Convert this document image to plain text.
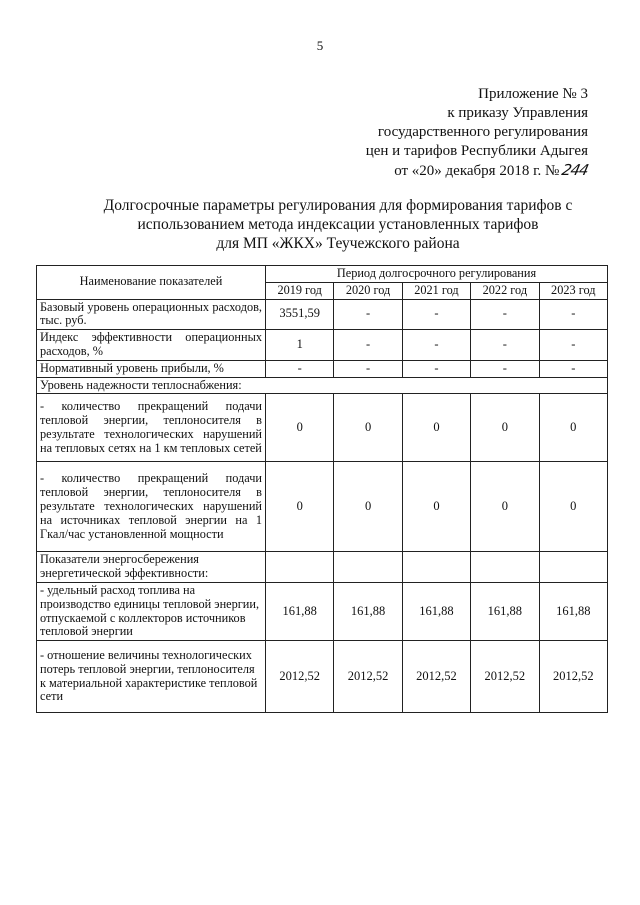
5
Приложение № 3
к приказу Управления
государственного регулирования
цен и тарифов Республики Адыгея
от «20» декабря 2018 г. №244
Долгосрочные параметры регулирования для формирования тарифов с
использованием метода индексации установленных тарифов
для МП «ЖКХ» Теучежского района
Наименование показателей	Период долгосрочного регулирования				
	2019 год	2020 год	2021 год	2022 год	2023 год
Базовый уровень операционных расходов, тыс. руб.	3551,59	-	-	-	-
Индекс эффективности операционных расходов, %	1	-	-	-	-
Нормативный уровень прибыли, %	-	-	-	-	-
Уровень надежности теплоснабжения:					
- количество прекращений подачи тепловой энергии, теплоносителя в результате технологических нарушений на тепловых сетях на 1 км тепловых сетей	0	0	0	0	0
- количество прекращений подачи тепловой энергии, теплоносителя в результате технологических нарушений на источниках тепловой энергии на 1 Гкал/час установленной мощности	0	0	0	0	0
Показатели энергосбережения энергетической эффективности:					
- удельный расход топлива на производство единицы тепловой энергии, отпускаемой с коллекторов источников тепловой энергии	161,88	161,88	161,88	161,88	161,88
- отношение величины технологических потерь тепловой энергии, теплоносителя к материальной характеристике тепловой сети	2012,52	2012,52	2012,52	2012,52	2012,52
